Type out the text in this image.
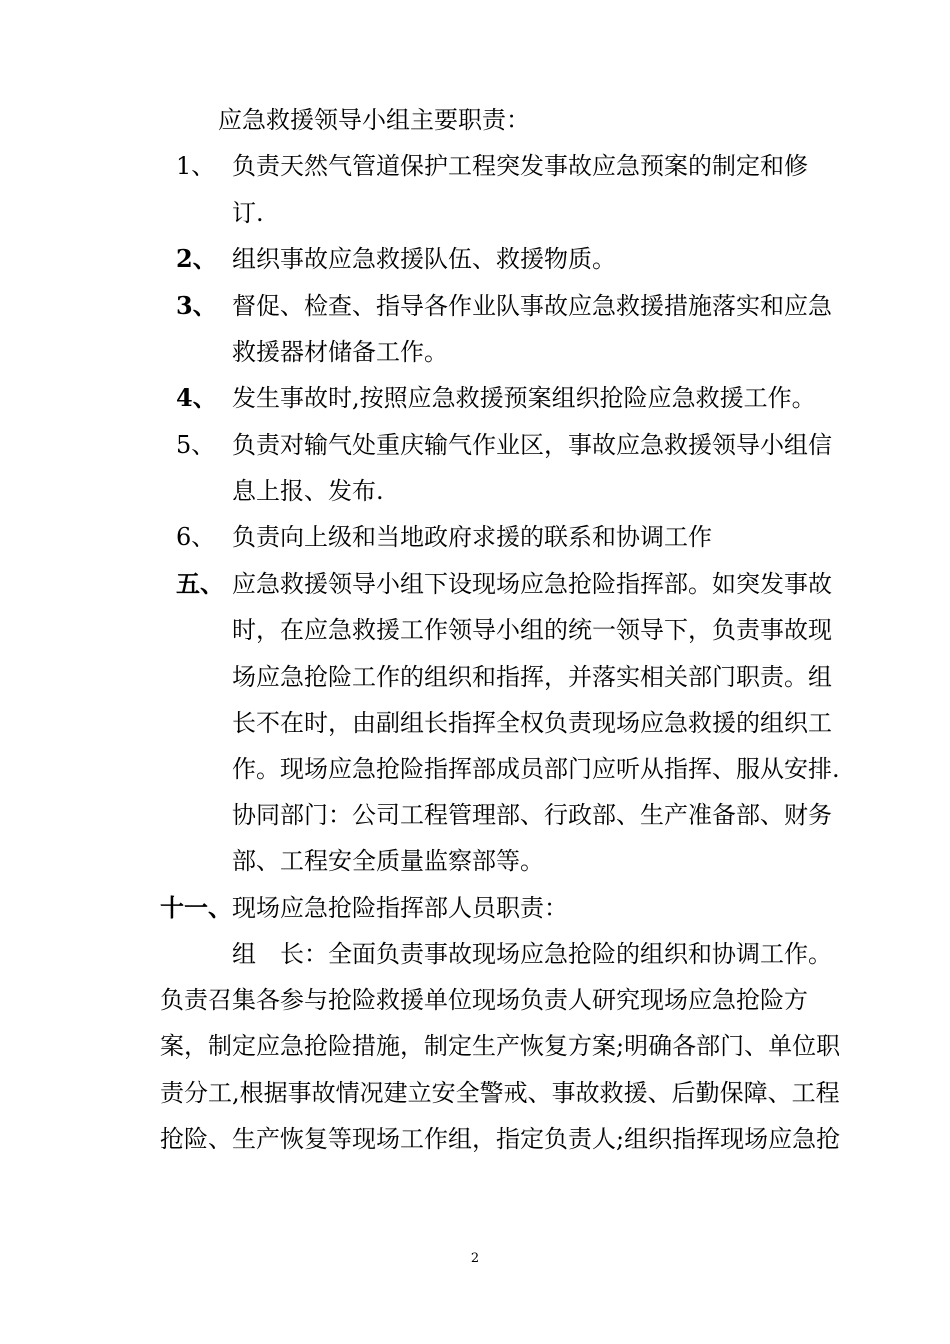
应急救援领导小组主要职责：
1、 负责天然气管道保护工程突发事故应急预案的制定和修
订.
2、 组织事故应急救援队伍、救援物质。
3、 督促、检查、指导各作业队事故应急救援措施落实和应急
救援器材储备工作。
4、 发生事故时,按照应急救援预案组织抢险应急救援工作。
5、 负责对输气处重庆输气作业区，事故应急救援领导小组信
息上报、发布.
6、 负责向上级和当地政府求援的联系和协调工作
五、 应急救援领导小组下设现场应急抢险指挥部。如突发事故
时，在应急救援工作领导小组的统一领导下，负责事故现
场应急抢险工作的组织和指挥，并落实相关部门职责。组
长不在时，由副组长指挥全权负责现场应急救援的组织工
作。现场应急抢险指挥部成员部门应听从指挥、服从安排.
协同部门：公司工程管理部、行政部、生产准备部、财务
部、工程安全质量监察部等。
十一、 现场应急抢险指挥部人员职责：
组　长：全面负责事故现场应急抢险的组织和协调工作。
负责召集各参与抢险救援单位现场负责人研究现场应急抢险方
案，制定应急抢险措施，制定生产恢复方案;明确各部门、单位职
责分工,根据事故情况建立安全警戒、事故救援、后勤保障、工程
抢险、生产恢复等现场工作组，指定负责人;组织指挥现场应急抢
2
